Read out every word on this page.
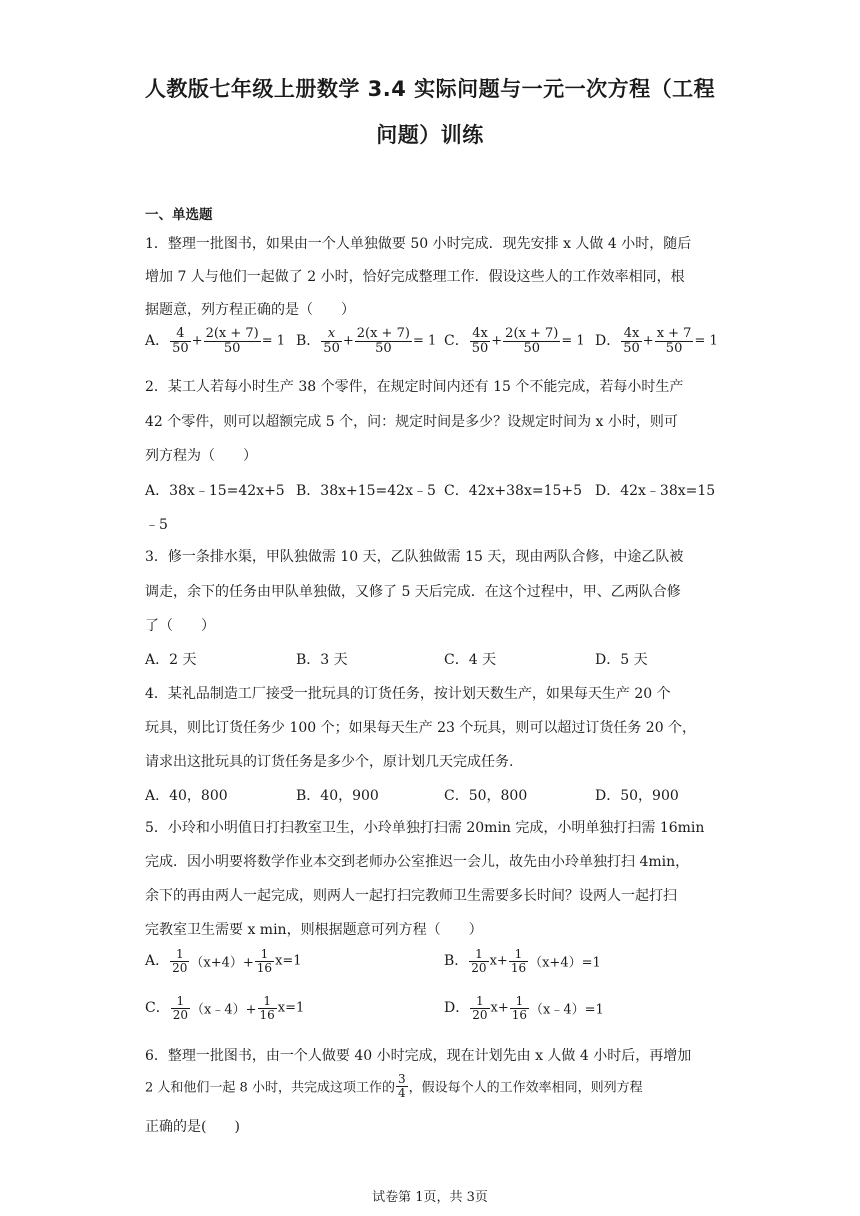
人教版七年级上册数学 3.4 实际问题与一元一次方程（工程
问题）训练
一、单选题
1．整理一批图书，如果由一个人单独做要 50 小时完成．现先安排 x 人做 4 小时，随后
增加 7 人与他们一起做了 2 小时，恰好完成整理工作．假设这些人的工作效率相同，根
据题意，列方程正确的是（　　）
A． $\frac{4}{50} + \frac{2(x + 7)}{50} = 1$ B． $\frac{x}{50} + \frac{2(x + 7)}{50} = 1$ C． $\frac{4x}{50} + \frac{2(x + 7)}{50} = 1$ D． $\frac{4x}{50} + \frac{x + 7}{50} = 1$
2．某工人若每小时生产 38 个零件，在规定时间内还有 15 个不能完成，若每小时生产
42 个零件，则可以超额完成 5 个，问：规定时间是多少？设规定时间为 x 小时，则可
列方程为（　　）
A．38x﹣15=42x+5 B．38x+15=42x﹣5 C．42x+38x=15+5 D．42x﹣38x=15
﹣5
3．修一条排水渠，甲队独做需 10 天，乙队独做需 15 天，现由两队合修，中途乙队被
调走，余下的任务由甲队单独做，又修了 5 天后完成．在这个过程中，甲、乙两队合修
了（　　）
A．2 天	B．3 天	C．4 天	D．5 天
4．某礼品制造工厂接受一批玩具的订货任务，按计划天数生产，如果每天生产 20 个
玩具，则比订货任务少 100 个；如果每天生产 23 个玩具，则可以超过订货任务 20 个，
请求出这批玩具的订货任务是多少个，原计划几天完成任务.
A．40，800	B．40，900	C．50，800	D．50，900
5．小玲和小明值日打扫教室卫生，小玲单独打扫需 20min 完成，小明单独打扫需 16min
完成．因小明要将数学作业本交到老师办公室推迟一会儿，故先由小玲单独打扫 4min，
余下的再由两人一起完成，则两人一起打扫完教师卫生需要多长时间？设两人一起打扫
完教室卫生需要 x min，则根据题意可列方程（　　）
A． $\frac{1}{20} (x+4)+ \frac{1}{16} x=1$	B． $\frac{1}{20} x+ \frac{1}{16} (x+4)=1$
C． $\frac{1}{20}$ （x﹣4）+ $\frac{1}{16} x=1$	D． $\frac{1}{20} x+ \frac{1}{16}$ （x﹣4）=1
6．整理一批图书，由一个人做要 40 小时完成，现在计划先由 x 人做 4 小时后，再增加
2 人和他们一起 8 小时，共完成这项工作的 $\frac{3}{4}$ ，假设每个人的工作效率相同，则列方程
正确的是(　　)
试卷第 1页，共 3页
